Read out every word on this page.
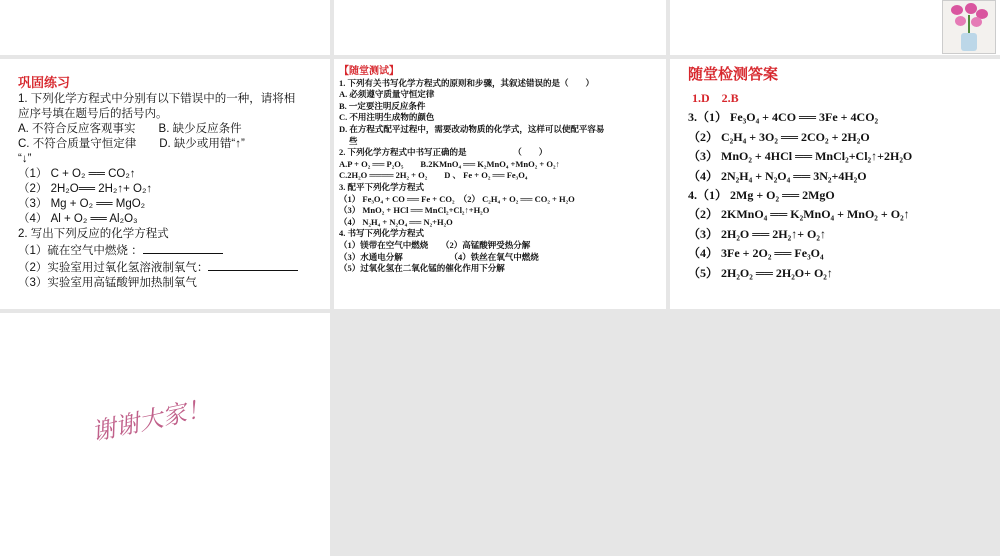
巩固练习
1. 下列化学方程式中分别有以下错误中的一种，请将相
应序号填在题号后的括号内。
A. 不符合反应客观事实　　B. 缺少反应条件
C. 不符合质量守恒定律　　D. 缺少或用错“↑”
“↓”
（1） C + O₂ ══ CO₂↑
（2） 2H₂O══ 2H₂↑+ O₂↑
（3） Mg + O₂ ══ MgO₂
（4） Al + O₂ ══ Al₂O₃
2. 写出下列反应的化学方程式
（1）硫在空气中燃烧 ：
（2）实验室用过氧化氢溶液制氧气：
（3）实验室用高锰酸钾加热制氧气
【随堂测试】
1. 下列有关书写化学方程式的原则和步骤，其叙述错误的是（　　）
A. 必须遵守质量守恒定律
B. 一定要注明反应条件
C. 不用注明生成物的颜色
D. 在方程式配平过程中，需要改动物质的化学式，这样可以使配平容易
些
2. 下列化学方程式中书写正确的是　　　　　　（　　）
A.P + O₂ ══ P₂O₅　　B.2KMnO₄ ══ K₂MnO₄ +MnO₂ + O₂↑
C.2H₂O ════ 2H₂ + O₂　　D 、 Fe + O₂ ══ Fe₃O₄
3. 配平下列化学方程式
（1） Fe₃O₄ + CO ══ Fe + CO₂　（2） C₂H₄ + O₂ ══ CO₂ + H₂O
（3） MnO₂ + HCl ══ MnCl₂+Cl₂↑+H₂O
（4） N₂H₄ + N₂O₄ ══ N₂+H₂O
4. 书写下列化学方程式
（1）镁带在空气中燃烧　　（2）高锰酸钾受热分解
（3）水通电分解　　　　　　（4）铁丝在氧气中燃烧
（5）过氧化氢在二氧化锰的催化作用下分解
随堂检测答案
1.D　2.B
3.（1） Fe₃O₄ + 4CO ══ 3Fe + 4CO₂
（2） C₂H₄ + 3O₂ ══ 2CO₂ + 2H₂O
（3） MnO₂ + 4HCl ══ MnCl₂+Cl₂↑+2H₂O
（4） 2N₂H₄ + N₂O₄ ══ 3N₂+4H₂O
4.（1） 2Mg + O₂ ══ 2MgO
（2） 2KMnO₄ ══ K₂MnO₄ + MnO₂ + O₂↑
（3） 2H₂O ══ 2H₂↑+ O₂↑
（4） 3Fe + 2O₂ ══ Fe₃O₄
（5） 2H₂O₂ ══ 2H₂O+ O₂↑
谢谢大家！
